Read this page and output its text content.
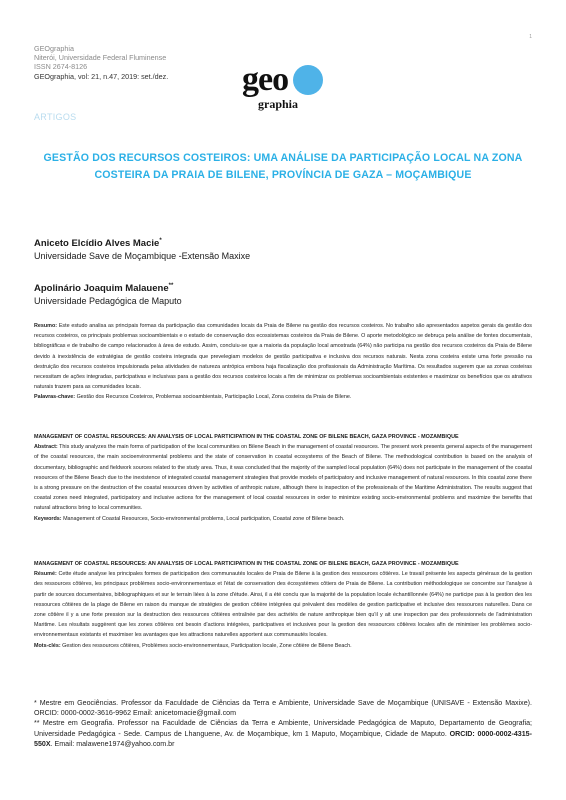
1
GEOgraphia
Niterói, Universidade Federal Fluminense
ISSN 2674-8126
GEOgraphia, vol: 21, n.47, 2019: set./dez.
ARTIGOS
geo
graphia
GESTÃO DOS RECURSOS COSTEIROS: UMA ANÁLISE DA PARTICIPAÇÃO LOCAL NA ZONA
COSTEIRA DA PRAIA DE BILENE, PROVÍNCIA DE GAZA – MOÇAMBIQUE
Aniceto Elcídio Alves Macie*
Universidade Save de Moçambique -Extensão Maxixe
Apolinário Joaquim Malauene**
Universidade Pedagógica de Maputo
Resumo: Este estudo analisa as principais formas da participação das comunidades locais da Praia de Bilene na gestão dos recursos costeiros. No trabalho são apresentados aspetos gerais da gestão dos recursos costeiros, os principais problemas socioambientais e o estado de conservação dos ecossistemas costeiros da Praia de Bilene. O aporte metodológico se debruça pela análise de fontes documentais, bibliográficas e de trabalho de campo relacionados à área de estudo. Assim, concluiu-se que a maioria da população local amostrada (64%) não participa na gestão dos recursos costeiros da Praia de Bilene devido à inexistência de estratégias de gestão costeira integrada que prevelegiam modelos de gestão participativa e inclusiva dos recursos naturais. Nesta zona costeira existe uma forte pressão na destruição dos recursos costeiros impulsionada pelas atividades de natureza antrópica embora haja fiscalização dos profissionais da Administração Marítima. Os resultados sugerem que as zonas costeiras necessitam de ações integradas, participativas e inclusivas para a gestão dos recursos costeiros locais a fim de minimizar os problemas socioambientais existentes e maximizar os benefícios que os atrativos naturais trazem para as comunidades locais.
Palavras-chave: Gestão dos Recursos Costeiros, Problemas socioambientais, Participação Local, Zona costeira da Praia de Bilene.
MANAGEMENT OF COASTAL RESOURCES: AN ANALYSIS OF LOCAL PARTICIPATION IN THE COASTAL ZONE OF BILENE BEACH, GAZA PROVINCE - MOZAMBIQUE
Abstract: This study analyzes the main forms of participation of the local communities on Bilene Beach in the management of coastal resources. The present work presents general aspects of the management of the coastal resources, the main socioenvironmental problems and the state of conservation in coastal ecosystems of the Beach of Bilene. The methodological contribution is based on the analysis of documentary, bibliographic and fieldwork sources related to the study area. Thus, it was concluded that the majority of the sampled local population (64%) does not participate in the management of the coastal resources of the Bilene Beach due to the inexistence of integrated coastal management strategies that provide models of participatory and inclusive management of natural resources. In this coastal zone there is a strong pressure on the destruction of the coastal resources driven by activities of anthropic nature, although there is inspection of the professionals of the Maritime Administration. The results suggest that coastal zones need integrated, participatory and inclusive actions for the management of local coastal resources in order to minimize existing socio-environmental problems and maximize the benefits that natural attractions bring to local communities.
Keywords: Management of Coastal Resources, Socio-environmental problems, Local participation, Coastal zone of Bilene beach.
MANAGEMENT OF COASTAL RESOURCES: AN ANALYSIS OF LOCAL PARTICIPATION IN THE COASTAL ZONE OF BILENE BEACH, GAZA PROVINCE - MOZAMBIQUE
Résumé: Cette étude analyse les principales formes de participation des communautés locales de Praia de Bilene à la gestion des ressources côtières. Le travail présente les aspects généraux de la gestion des ressources côtières, les principaux problèmes socio-environnementaux et l'état de conservation des écosystèmes côtiers de Praia de Bilene. La contribution méthodologique se concentre sur l'analyse à partir de sources documentaires, bibliographiques et sur le terrain liées à la zone d'étude. Ainsi, il a été conclu que la majorité de la population locale échantillonnée (64%) ne participe pas à la gestion des les ressources côtières de la plage de Bilene en raison du manque de stratégies de gestion côtière intégrées qui prévalent des modèles de gestion participative et inclusive des ressources naturelles. Dans ce zone côtière il y a une forte pression sur la destruction des ressources côtières entraînée par des activités de nature anthropique bien qu'il y ait une inspection par des professionnels de l'administration Maritime. Les résultats suggèrent que les zones côtières ont besoin d'actions intégrées, participatives et inclusives pour la gestion des ressources côtières locales afin de minimiser les problèmes socio-environnementaux existants et maximiser les avantages que les attractions naturelles apportent aux communautés locales.
Mots-clés: Gestion des ressources côtières, Problèmes socio-environnementaux, Participation locale, Zone côtière de Bilene Beach.
* Mestre em Geociências. Professor da Faculdade de Ciências da Terra e Ambiente, Universidade Save de Moçambique (UNISAVE - Extensão Maxixe). ORCID: 0000-0002-3616-9962 Email: anicetomacie@gmail.com
** Mestre em Geografia. Professor na Faculdade de Ciências da Terra e Ambiente, Universidade Pedagógica de Maputo, Departamento de Geografia; Universidade Pedagógica - Sede. Campus de Lhanguene, Av. de Moçambique, km 1 Maputo, Moçambique, Cidade de Maputo. ORCID: 0000-0002-4315-550X. Email: malawene1974@yahoo.com.br
